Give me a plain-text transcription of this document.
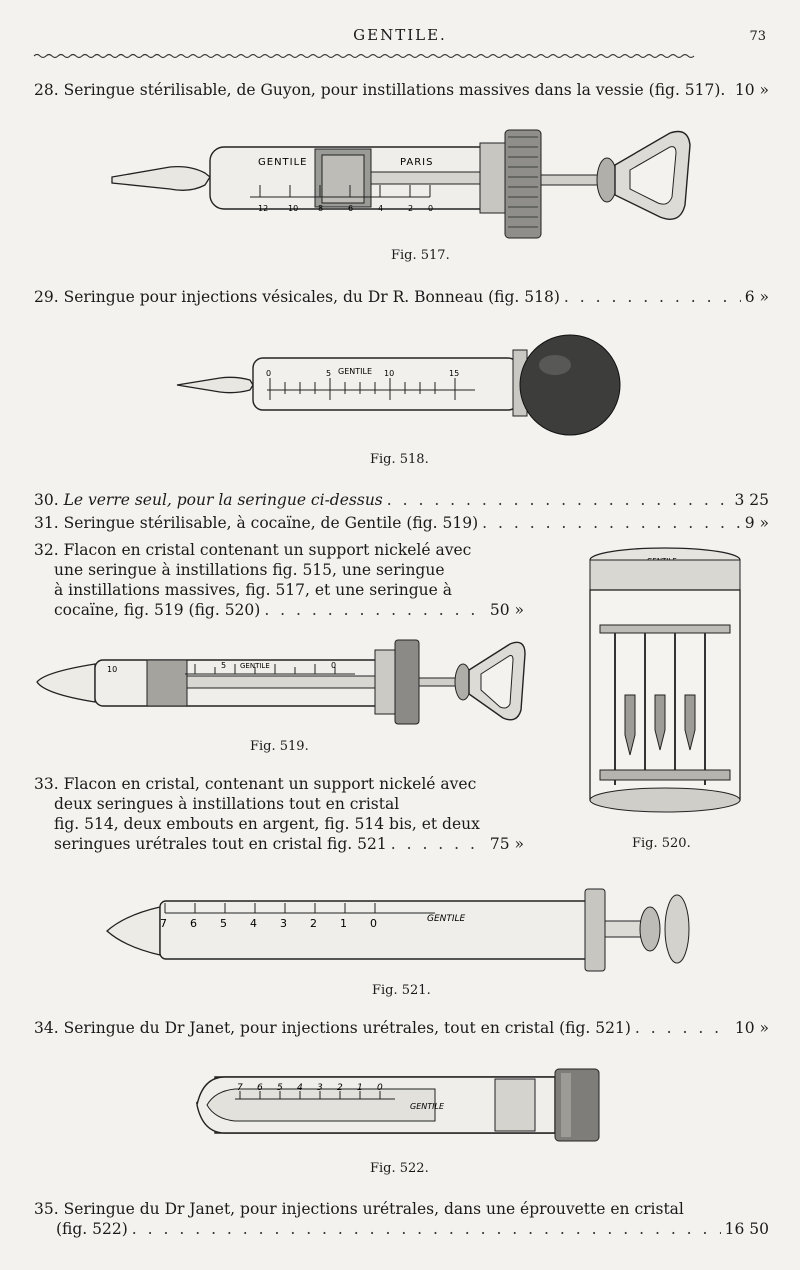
GENTILE.	73
28.
Seringue stérilisable, de Guyon, pour instillations massives dans la vessie (fig. 517). . . . 10 »
GENTILE	PARIS
12 10 8	6	4	2 0
Fig. 517.
29.
Seringue pour injections vésicales, du Dr R. Bonneau (fig. 518) . . .	6 »
0	5	10	15
GENTILE
Fig. 518.
30.
Le verre seul, pour la seringue ci-dessus . . .	3 25
31.
Seringue stérilisable, à cocaïne, de Gentile (fig. 519) . . .	9 »
32.
Flacon en cristal contenant un support nickelé avec
une seringue à instillations fig. 515, une seringue
à instillations massives, fig. 517, et une seringue à
cocaïne, fig. 519 (fig. 520) . . .	50 »
Fig. 520.
10	5	0
GENTILE
Fig. 519.
33.
Flacon en cristal, contenant un support nickelé avec
deux seringues à instillations tout en cristal
fig. 514, deux embouts en argent, fig. 514 bis, et deux
seringues urétrales tout en cristal fig. 521 . . .	75 »
7 6 5 4 3 2 1 0	GENTILE
Fig. 521.
34.
Seringue du Dr Janet, pour injections urétrales, tout en cristal (fig. 521) . . .	10 »
7 6 5 4 3 2 1 0
GENTILE
Fig. 522.
35.
Seringue du Dr Janet, pour injections urétrales, dans une éprouvette en cristal
(fig. 522) . . .	16 50
